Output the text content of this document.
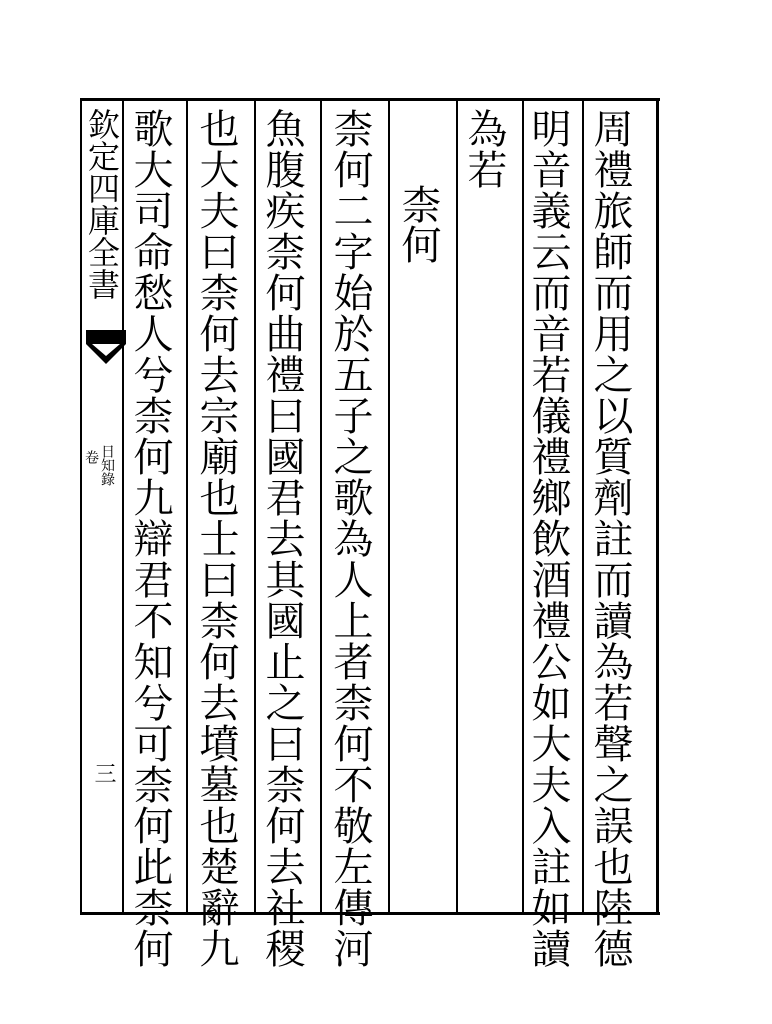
周禮旅師而用之以質劑註而讀為若聲之誤也陸德
明音義云而音若儀禮鄉飲酒禮公如大夫入註如讀
為若
柰何
柰何二字始於五子之歌為人上者柰何不敬左傳河
魚腹疾柰何曲禮曰國君去其國止之曰柰何去社稷
也大夫曰柰何去宗廟也士曰柰何去墳墓也楚辭九
歌大司命愁人兮柰何九辯君不知兮可柰何此柰何
欽定四庫全書
日知錄
卷
三
